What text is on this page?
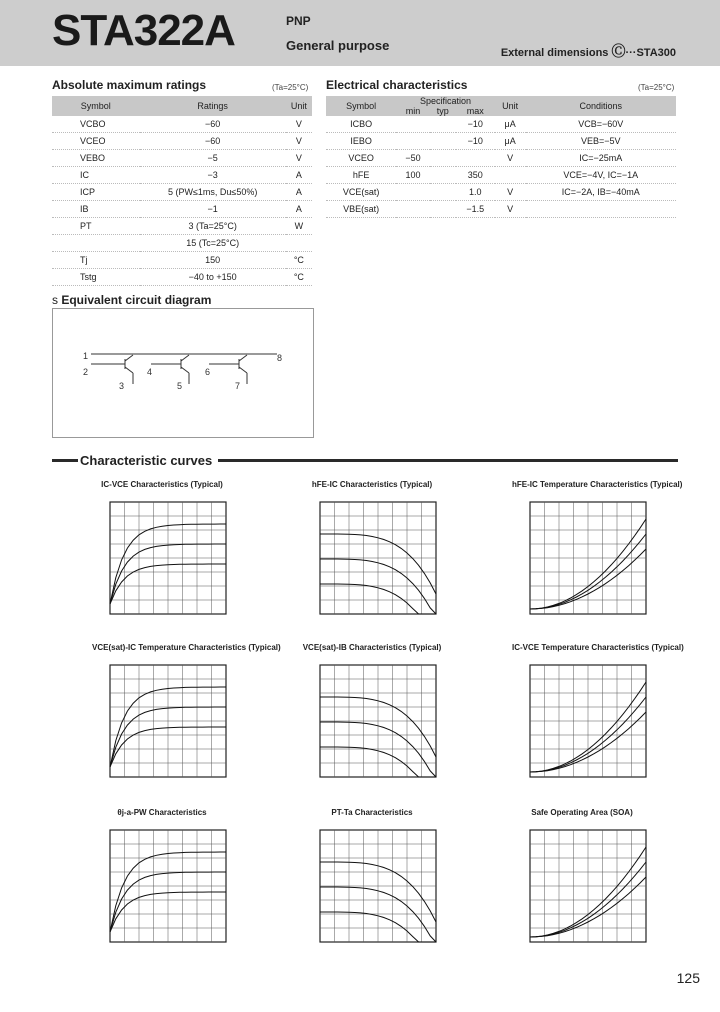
STA322A	PNP
General purpose	External dimensions Ⓒ···STA300
Absolute maximum ratings	(Ta=25°C)
Symbol	Ratings	Unit
VCBO	−60	V
VCEO	−60	V
VEBO	−5	V
IC	−3	A
ICP	5 (PW≤1ms, Du≤50%)	A
IB	−1	A
PT	3 (Ta=25°C)	W
	15 (Tc=25°C)	
Tj	150	°C
Tstg	−40 to +150	°C
Electrical characteristics	(Ta=25°C)
Symbol	Specification			Unit	Conditions
	min	typ	max		
ICBO			−10	μA	VCB=−60V
IEBO			−10	μA	VEB=−5V
VCEO	−50			V	IC=−25mA
hFE	100		350		VCE=−4V, IC=−1A
VCE(sat)			1.0	V	IC=−2A, IB=−40mA
VBE(sat)			−1.5	V	
s Equivalent circuit diagram
1
2
3
4
5
6
7
8
Characteristic curves
IC-VCE Characteristics (Typical)	hFE-IC Characteristics (Typical)	hFE-IC Temperature Characteristics (Typical)
VCE(sat)-IC Temperature Characteristics (Typical)	VCE(sat)-IB Characteristics (Typical)	IC-VCE Temperature Characteristics (Typical)
θj-a-PW Characteristics	PT-Ta Characteristics	Safe Operating Area (SOA)
125
